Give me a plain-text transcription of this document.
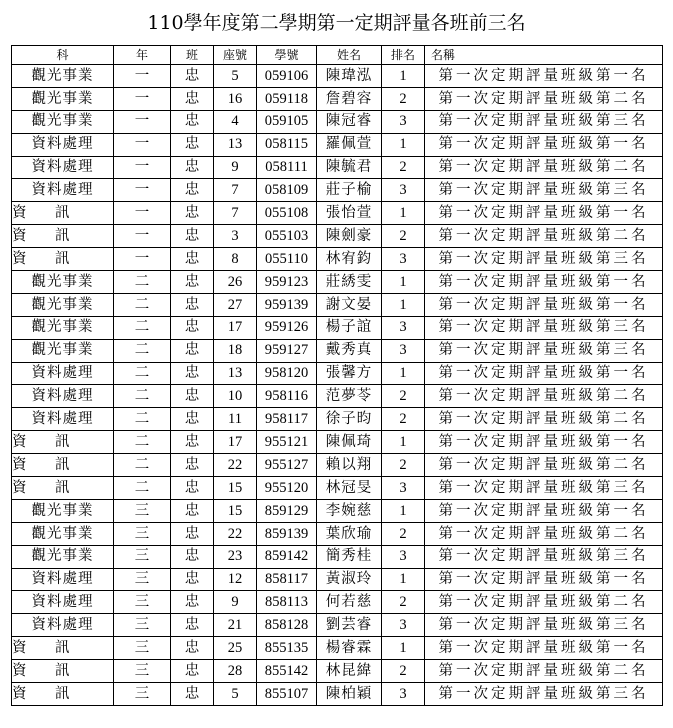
110學年度第二學期第一定期評量各班前三名
科	年	班	座號	學號	姓名	排名	名稱
觀光事業	一	忠	5	059106	陳瑋泓	1	第一次定期評量班級第一名
觀光事業	一	忠	16	059118	詹碧容	2	第一次定期評量班級第二名
觀光事業	一	忠	4	059105	陳冠睿	3	第一次定期評量班級第三名
資料處理	一	忠	13	058115	羅佩萱	1	第一次定期評量班級第一名
資料處理	一	忠	9	058111	陳毓君	2	第一次定期評量班級第二名
資料處理	一	忠	7	058109	莊子榆	3	第一次定期評量班級第三名

資 訊	一	忠	7	055108	張怡萱	1	第一次定期評量班級第一名

資 訊	一	忠	3	055103	陳劍豪	2	第一次定期評量班級第二名

資 訊	一	忠	8	055110	林宥鈞	3	第一次定期評量班級第三名
觀光事業	二	忠	26	959123	莊綉雯	1	第一次定期評量班級第一名
觀光事業	二	忠	27	959139	謝文晏	1	第一次定期評量班級第一名
觀光事業	二	忠	17	959126	楊子誼	3	第一次定期評量班級第三名
觀光事業	二	忠	18	959127	戴秀真	3	第一次定期評量班級第三名
資料處理	二	忠	13	958120	張馨方	1	第一次定期評量班級第一名
資料處理	二	忠	10	958116	范夢苓	2	第一次定期評量班級第二名
資料處理	二	忠	11	958117	徐子昀	2	第一次定期評量班級第二名

資 訊	二	忠	17	955121	陳佩琦	1	第一次定期評量班級第一名

資 訊	二	忠	22	955127	賴以翔	2	第一次定期評量班級第二名

資 訊	二	忠	15	955120	林冠旻	3	第一次定期評量班級第三名
觀光事業	三	忠	15	859129	李婉慈	1	第一次定期評量班級第一名
觀光事業	三	忠	22	859139	葉欣瑜	2	第一次定期評量班級第二名
觀光事業	三	忠	23	859142	簡秀桂	3	第一次定期評量班級第三名
資料處理	三	忠	12	858117	黃淑玲	1	第一次定期評量班級第一名
資料處理	三	忠	9	858113	何若慈	2	第一次定期評量班級第二名
資料處理	三	忠	21	858128	劉芸睿	3	第一次定期評量班級第三名

資 訊	三	忠	25	855135	楊睿霖	1	第一次定期評量班級第一名

資 訊	三	忠	28	855142	林昆緯	2	第一次定期評量班級第二名

資 訊	三	忠	5	855107	陳柏穎	3	第一次定期評量班級第三名
